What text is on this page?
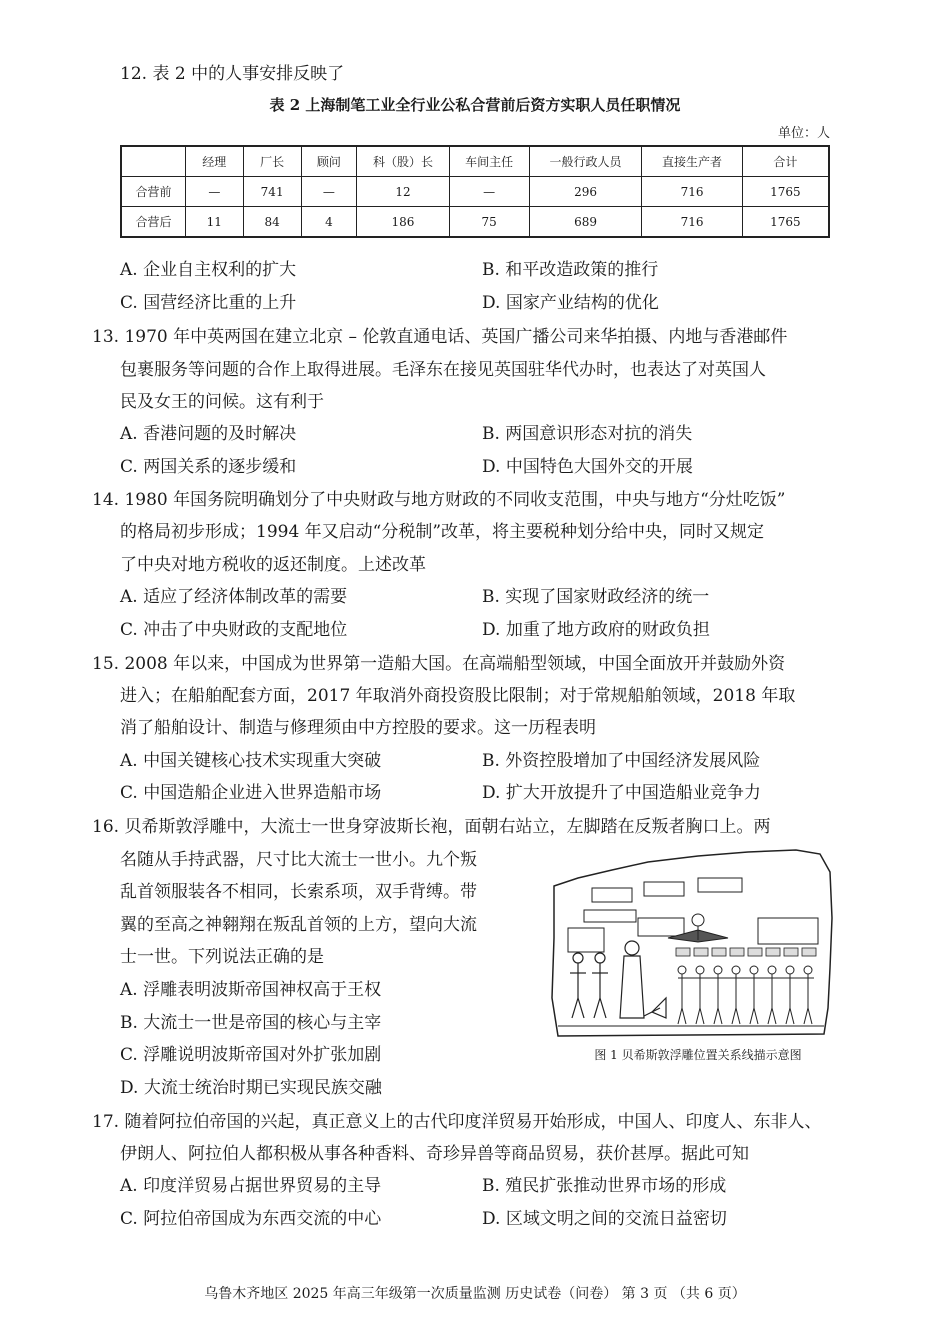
12. 表 2 中的人事安排反映了
表 2 上海制笔工业全行业公私合营前后资方实职人员任职情况
单位：人
	经理	厂长	顾问	科（股）长	车间主任	一般行政人员	直接生产者	合计
合营前	—	741	—	12	—	296	716	1765
合营后	11	84	4	186	75	689	716	1765
A. 企业自主权利的扩大	B. 和平改造政策的推行
C. 国营经济比重的上升	D. 国家产业结构的优化
13. 1970 年中英两国在建立北京 – 伦敦直通电话、英国广播公司来华拍摄、内地与香港邮件
包裹服务等问题的合作上取得进展。毛泽东在接见英国驻华代办时，也表达了对英国人
民及女王的问候。这有利于
A. 香港问题的及时解决	B. 两国意识形态对抗的消失
C. 两国关系的逐步缓和	D. 中国特色大国外交的开展
14. 1980 年国务院明确划分了中央财政与地方财政的不同收支范围，中央与地方“分灶吃饭”
的格局初步形成；1994 年又启动“分税制”改革，将主要税种划分给中央，同时又规定
了中央对地方税收的返还制度。上述改革
A. 适应了经济体制改革的需要	B. 实现了国家财政经济的统一
C. 冲击了中央财政的支配地位	D. 加重了地方政府的财政负担
15. 2008 年以来，中国成为世界第一造船大国。在高端船型领域，中国全面放开并鼓励外资
进入；在船舶配套方面，2017 年取消外商投资股比限制；对于常规船舶领域，2018 年取
消了船舶设计、制造与修理须由中方控股的要求。这一历程表明
A. 中国关键核心技术实现重大突破	B. 外资控股增加了中国经济发展风险
C. 中国造船企业进入世界造船市场	D. 扩大开放提升了中国造船业竞争力
16. 贝希斯敦浮雕中，大流士一世身穿波斯长袍，面朝右站立，左脚踏在反叛者胸口上。两
名随从手持武器，尺寸比大流士一世小。九个叛
乱首领服装各不相同，长索系项，双手背缚。带
翼的至高之神翱翔在叛乱首领的上方，望向大流
士一世。下列说法正确的是
A. 浮雕表明波斯帝国神权高于王权
B. 大流士一世是帝国的核心与主宰
C. 浮雕说明波斯帝国对外扩张加剧
D. 大流士统治时期已实现民族交融
图 1 贝希斯敦浮雕位置关系线描示意图
17. 随着阿拉伯帝国的兴起，真正意义上的古代印度洋贸易开始形成，中国人、印度人、东非人、
伊朗人、阿拉伯人都积极从事各种香料、奇珍异兽等商品贸易，获价甚厚。据此可知
A. 印度洋贸易占据世界贸易的主导	B. 殖民扩张推动世界市场的形成
C. 阿拉伯帝国成为东西交流的中心	D. 区域文明之间的交流日益密切
乌鲁木齐地区 2025 年高三年级第一次质量监测 历史试卷（问卷） 第 3 页 （共 6 页）
